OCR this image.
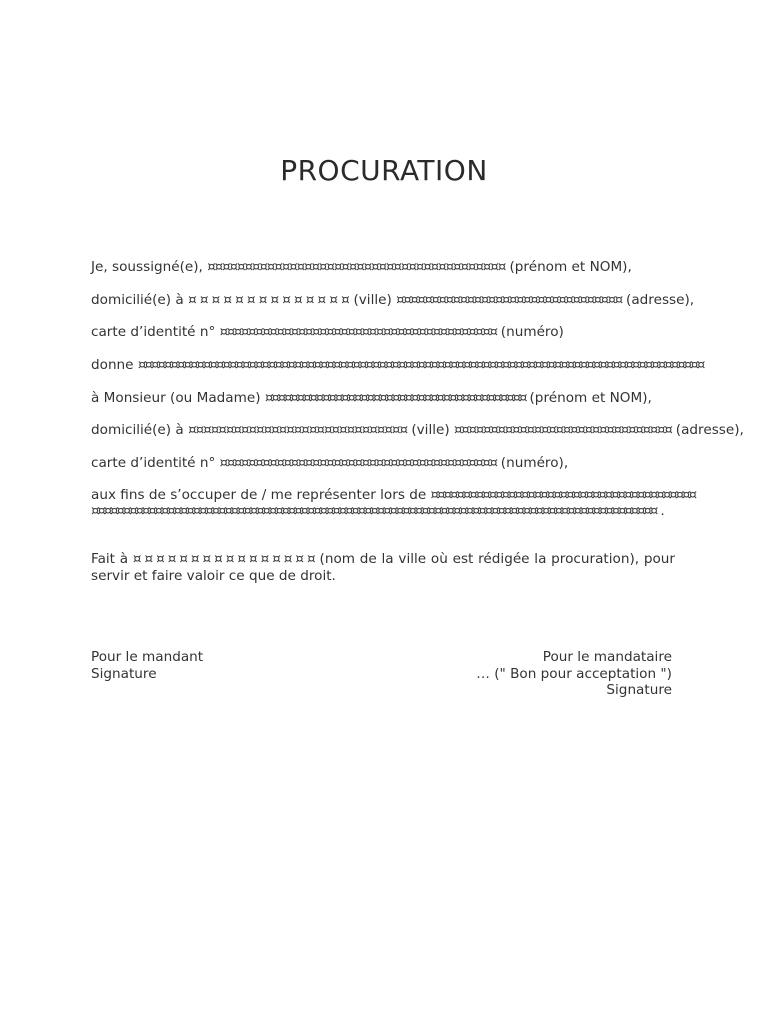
PROCURATION
Je, soussigné(e), ¤¤¤¤¤¤¤¤¤¤¤¤¤¤¤¤¤¤¤¤¤¤¤¤¤¤¤¤¤¤¤¤¤¤¤¤¤¤¤¤ (prénom et NOM),
domicilié(e) à ¤ ¤ ¤ ¤ ¤ ¤ ¤ ¤ ¤ ¤ ¤ ¤ ¤ ¤ (ville) ¤¤¤¤¤¤¤¤¤¤¤¤¤¤¤¤¤¤¤¤¤¤¤¤¤¤¤¤¤¤¤¤ (adresse),
carte d’identité n° ¤¤¤¤¤¤¤¤¤¤¤¤¤¤¤¤¤¤¤¤¤¤¤¤¤¤¤¤¤¤¤¤¤¤¤¤¤¤¤ (numéro)
donne ¤¤¤¤¤¤¤¤¤¤¤¤¤¤¤¤¤¤¤¤¤¤¤¤¤¤¤¤¤¤¤¤¤¤¤¤¤¤¤¤¤¤¤¤¤¤¤¤¤¤¤¤¤¤¤¤¤¤¤¤¤¤¤¤¤¤¤¤¤¤¤¤¤¤¤¤¤¤¤¤¤¤¤¤¤¤¤
à Monsieur (ou Madame) ¤¤¤¤¤¤¤¤¤¤¤¤¤¤¤¤¤¤¤¤¤¤¤¤¤¤¤¤¤¤¤¤¤¤¤¤¤¤¤¤¤ (prénom et NOM),
domicilié(e) à ¤¤¤¤¤¤¤¤¤¤¤¤¤¤¤¤¤¤¤¤¤¤¤¤¤¤¤¤¤ (ville) ¤¤¤¤¤¤¤¤¤¤¤¤¤¤¤¤¤¤¤¤¤¤¤¤¤¤¤¤¤¤ (adresse),
carte d’identité n° ¤¤¤¤¤¤¤¤¤¤¤¤¤¤¤¤¤¤¤¤¤¤¤¤¤¤¤¤¤¤¤¤¤¤¤¤¤¤¤ (numéro),
aux fins de s’occuper de / me représenter lors de ¤¤¤¤¤¤¤¤¤¤¤¤¤¤¤¤¤¤¤¤¤¤¤¤¤¤¤¤¤¤¤¤¤¤¤¤¤¤¤¤¤
¤¤¤¤¤¤¤¤¤¤¤¤¤¤¤¤¤¤¤¤¤¤¤¤¤¤¤¤¤¤¤¤¤¤¤¤¤¤¤¤¤¤¤¤¤¤¤¤¤¤¤¤¤¤¤¤¤¤¤¤¤¤¤¤¤¤¤¤¤¤¤¤¤¤¤¤¤¤¤¤¤¤¤¤¤¤¤¤¤ .
Fait à ¤ ¤ ¤ ¤ ¤ ¤ ¤ ¤ ¤ ¤ ¤ ¤ ¤ ¤ ¤ ¤ (nom de la ville où est rédigée la procuration), pour servir et faire valoir ce que de droit.
Pour le mandant
Signature
Pour le mandataire
… (" Bon pour acceptation ")
Signature
